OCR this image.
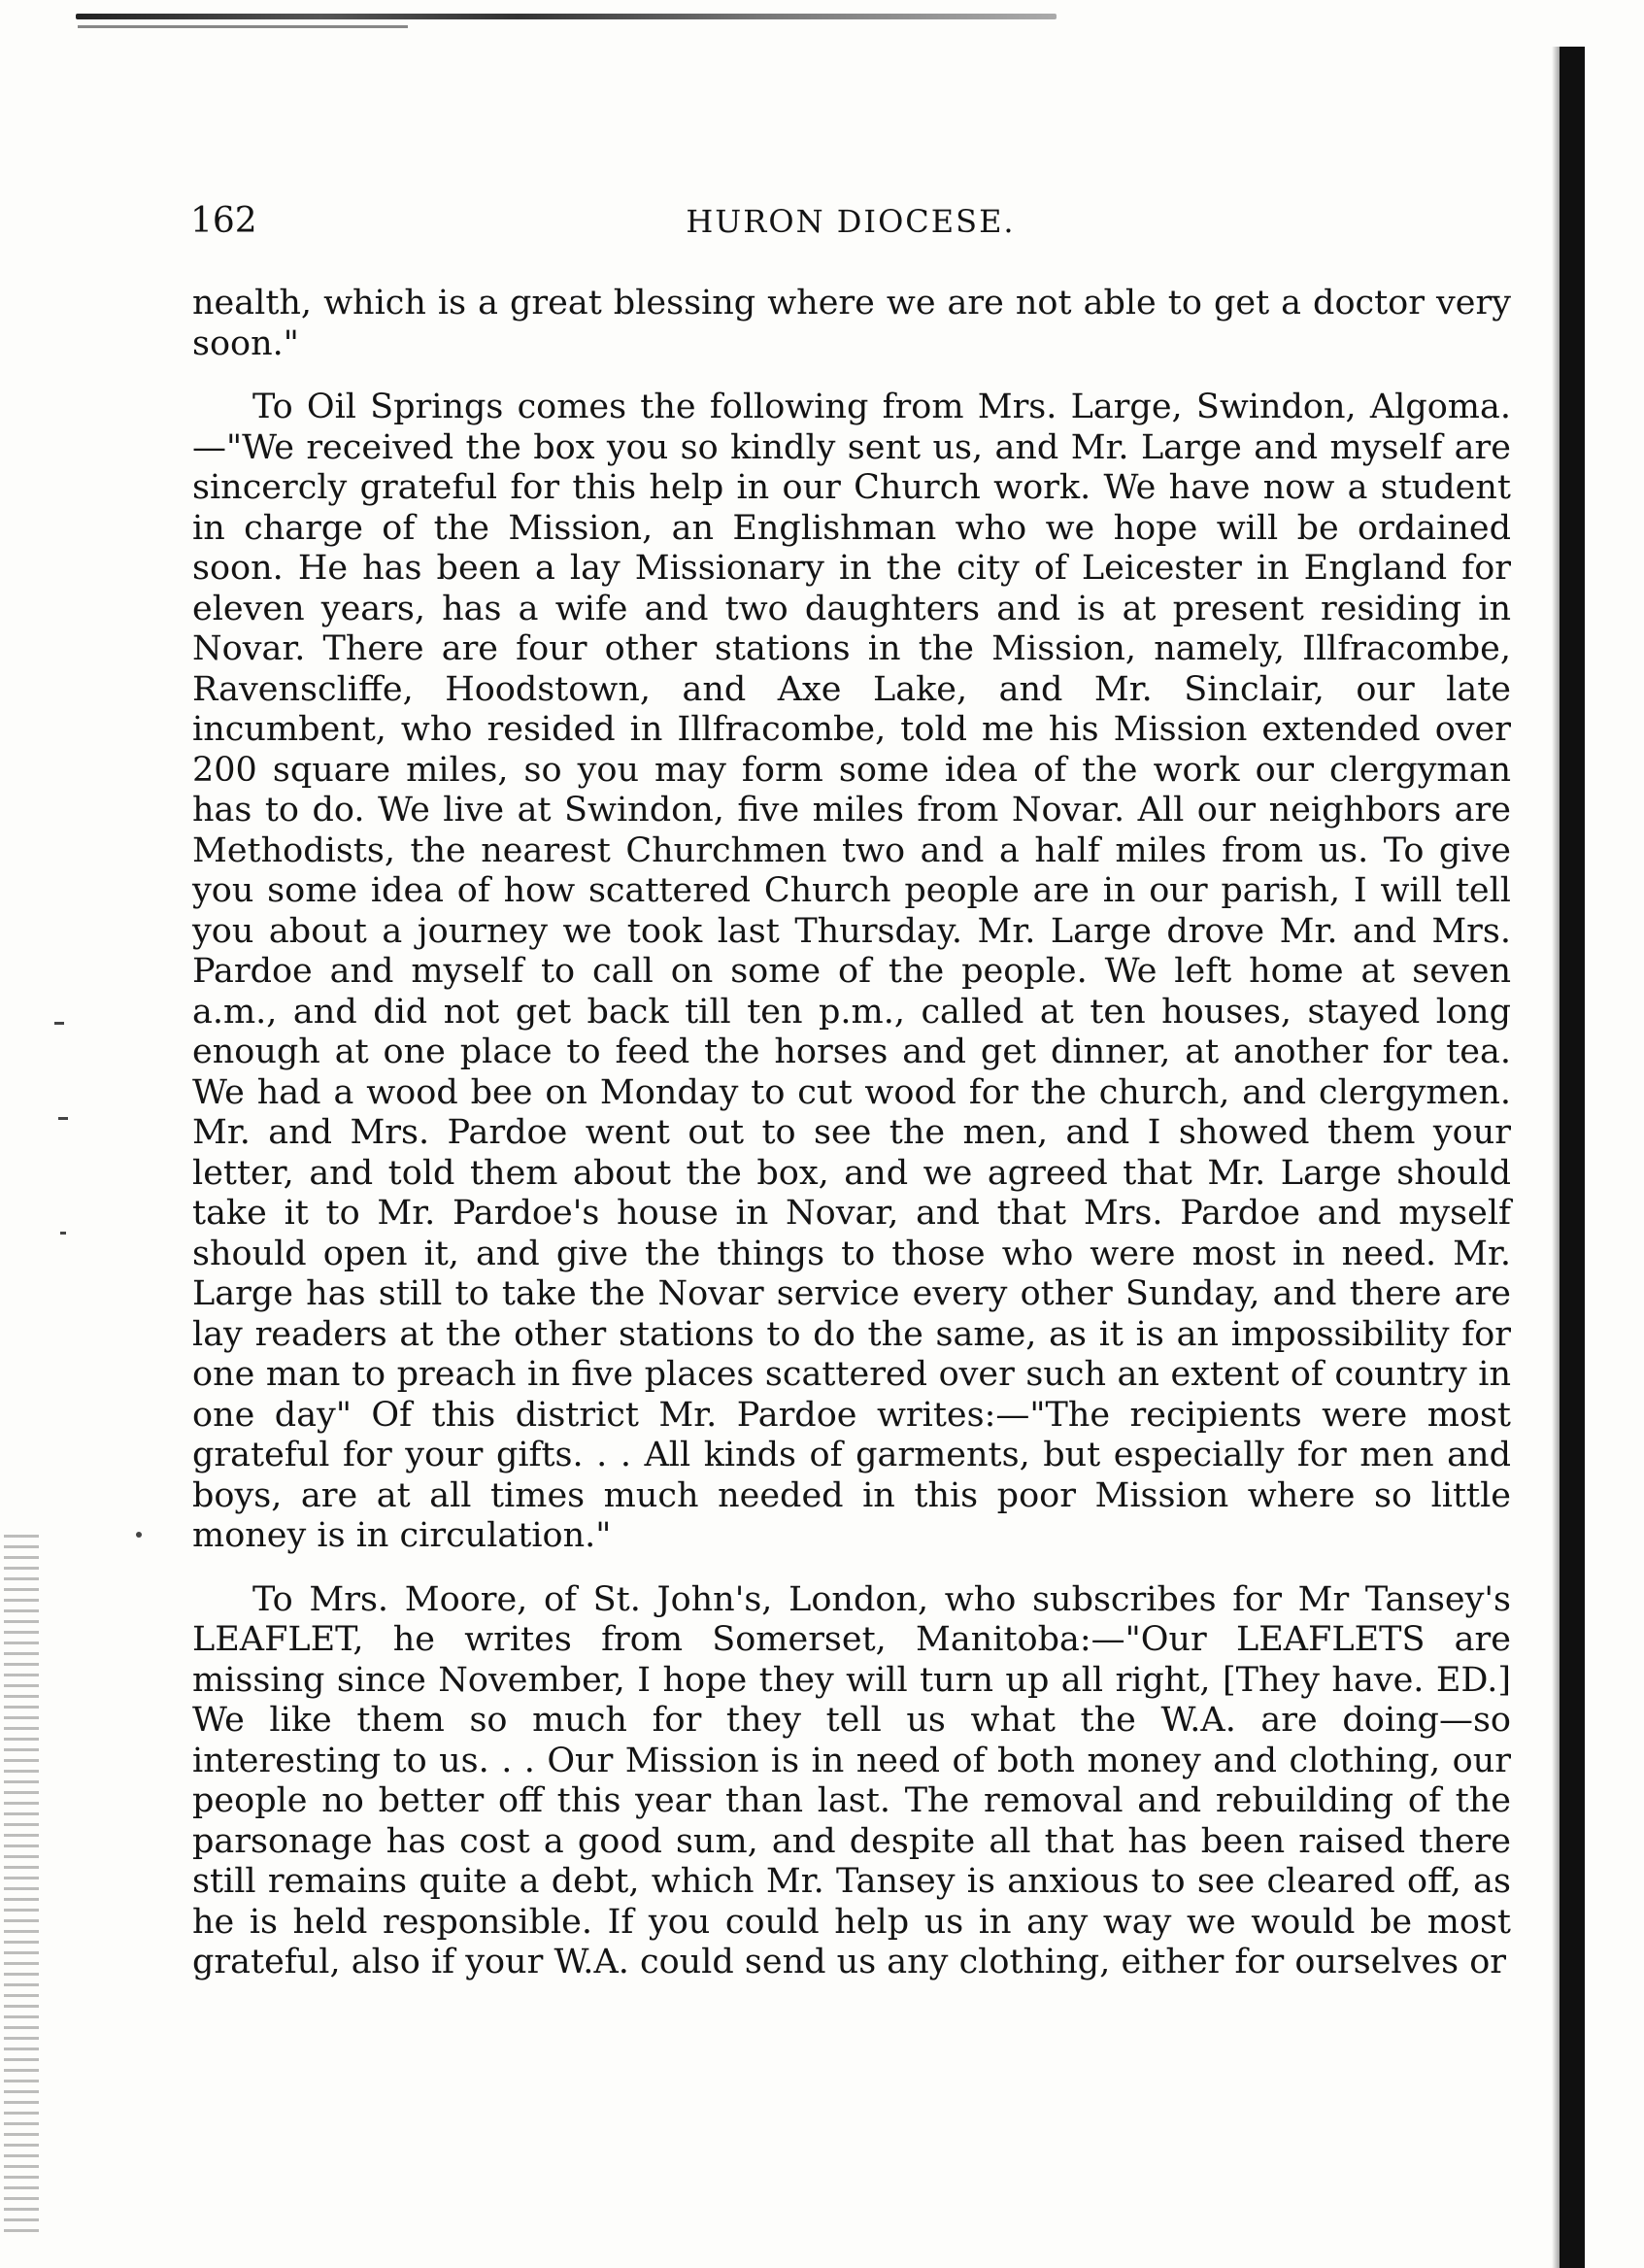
162	HURON DIOCESE.

nealth, which is a great blessing where we are not able to get a doctor very soon."

To Oil Springs comes the following from Mrs. Large, Swindon, Algoma.—"We received the box you so kindly sent us, and Mr. Large and myself are sincercly grateful for this help in our Church work. We have now a student in charge of the Mission, an Englishman who we hope will be ordained soon. He has been a lay Missionary in the city of Leicester in England for eleven years, has a wife and two daughters and is at present residing in Novar. There are four other stations in the Mission, namely, Illfracombe, Ravenscliffe, Hoodstown, and Axe Lake, and Mr. Sinclair, our late incumbent, who resided in Illfracombe, told me his Mission extended over 200 square miles, so you may form some idea of the work our clergyman has to do. We live at Swindon, five miles from Novar. All our neighbors are Methodists, the nearest Churchmen two and a half miles from us. To give you some idea of how scattered Church people are in our parish, I will tell you about a journey we took last Thursday. Mr. Large drove Mr. and Mrs. Pardoe and myself to call on some of the people. We left home at seven a.m., and did not get back till ten p.m., called at ten houses, stayed long enough at one place to feed the horses and get dinner, at another for tea. We had a wood bee on Monday to cut wood for the church, and clergymen. Mr. and Mrs. Pardoe went out to see the men, and I showed them your letter, and told them about the box, and we agreed that Mr. Large should take it to Mr. Pardoe's house in Novar, and that Mrs. Pardoe and myself should open it, and give the things to those who were most in need. Mr. Large has still to take the Novar service every other Sunday, and there are lay readers at the other stations to do the same, as it is an impossibility for one man to preach in five places scattered over such an extent of country in one day" Of this district Mr. Pardoe writes:—"The recipients were most grateful for your gifts. . . All kinds of garments, but especially for men and boys, are at all times much needed in this poor Mission where so little money is in circulation."

To Mrs. Moore, of St. John's, London, who subscribes for Mr Tansey's LEAFLET, he writes from Somerset, Manitoba:—"Our LEAFLETS are missing since November, I hope they will turn up all right, [They have. ED.] We like them so much for they tell us what the W.A. are doing—so interesting to us. . . Our Mission is in need of both money and clothing, our people no better off this year than last. The removal and rebuilding of the parsonage has cost a good sum, and despite all that has been raised there still remains quite a debt, which Mr. Tansey is anxious to see cleared off, as he is held responsible. If you could help us in any way we would be most grateful, also if your W.A. could send us any clothing, either for ourselves or
